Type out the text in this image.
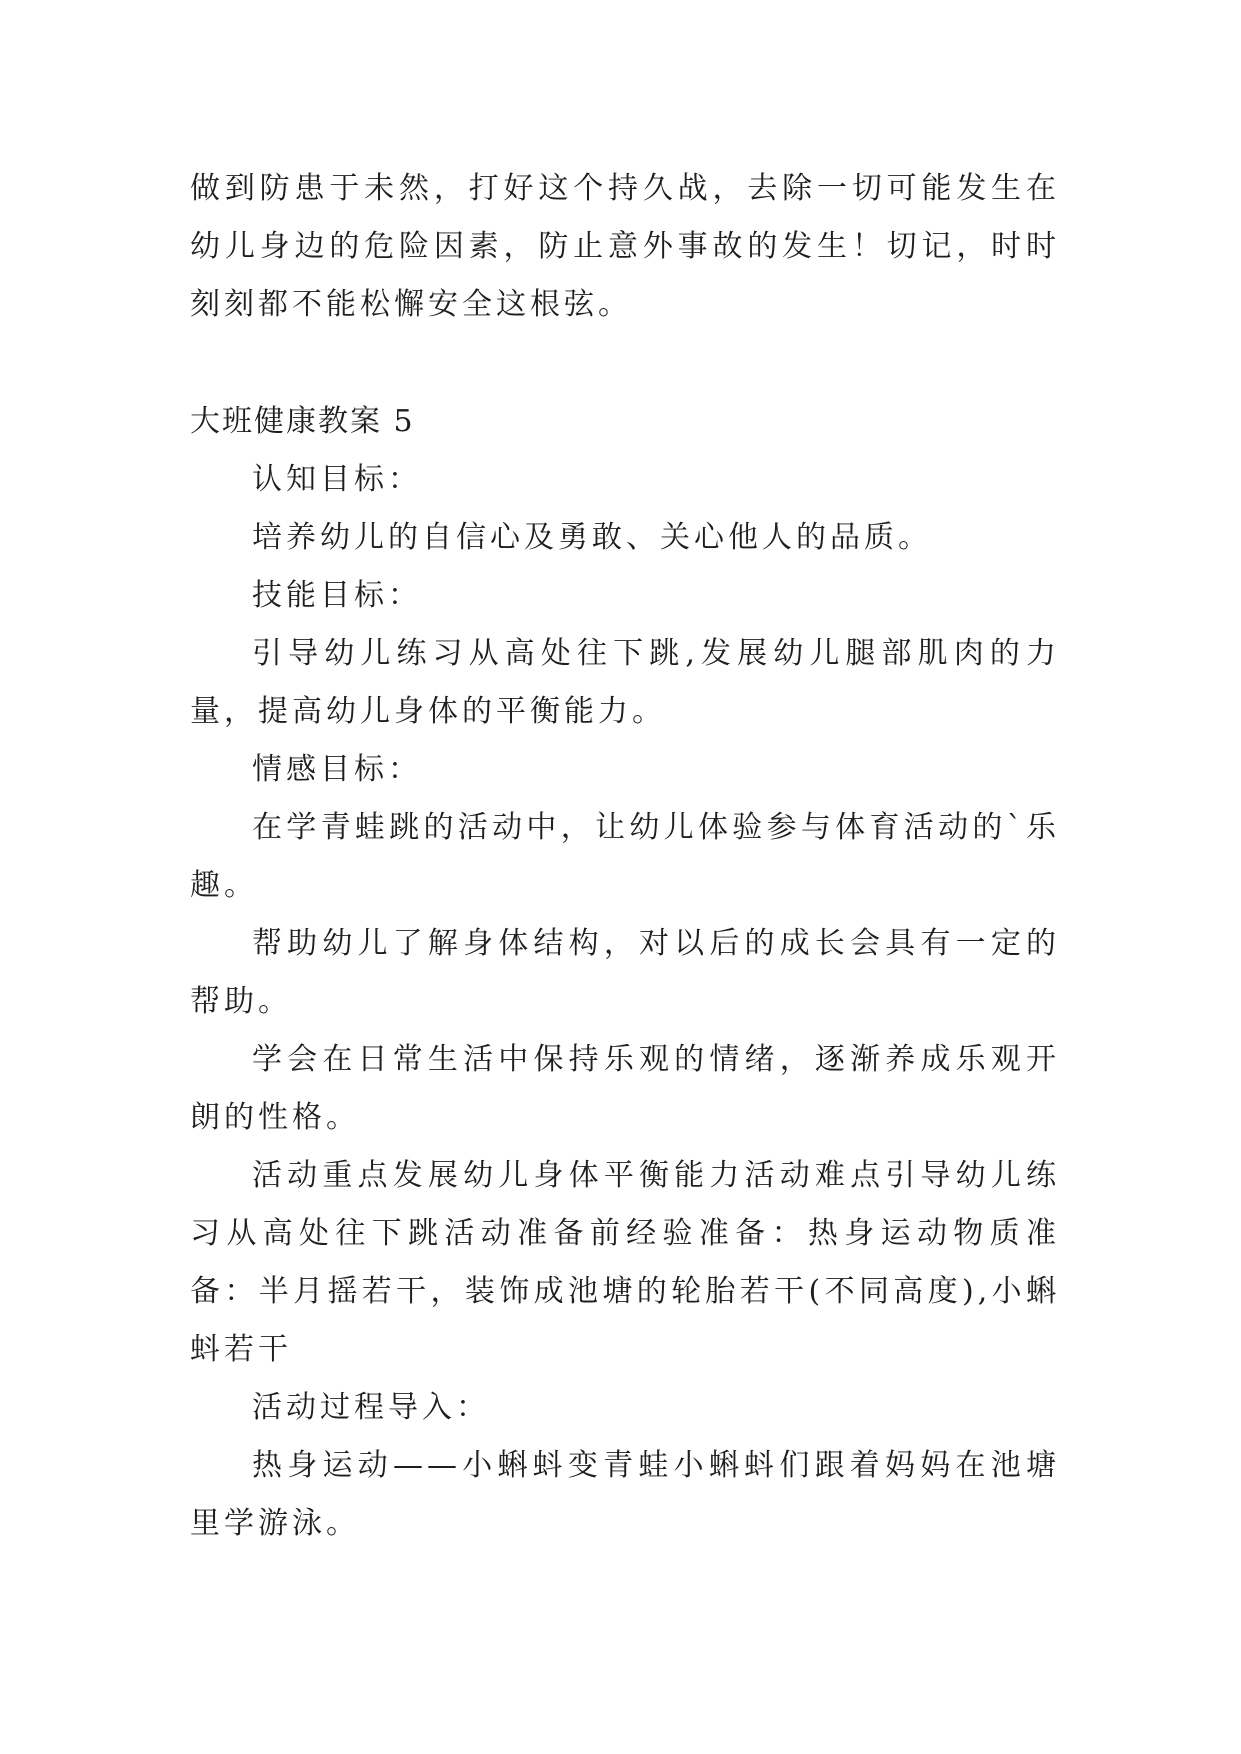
做到防患于未然，打好这个持久战，去除一切可能发生在幼儿身边的危险因素，防止意外事故的发生！切记，时时刻刻都不能松懈安全这根弦。

大班健康教案 5

认知目标：

培养幼儿的自信心及勇敢、关心他人的品质。

技能目标：

引导幼儿练习从高处往下跳,发展幼儿腿部肌肉的力量，提高幼儿身体的平衡能力。

情感目标：

在学青蛙跳的活动中，让幼儿体验参与体育活动的`乐趣。

帮助幼儿了解身体结构，对以后的成长会具有一定的帮助。

学会在日常生活中保持乐观的情绪，逐渐养成乐观开朗的性格。

活动重点发展幼儿身体平衡能力活动难点引导幼儿练习从高处往下跳活动准备前经验准备：热身运动物质准备：半月摇若干，装饰成池塘的轮胎若干(不同高度),小蝌蚪若干

活动过程导入：

热身运动——小蝌蚪变青蛙小蝌蚪们跟着妈妈在池塘里学游泳。
